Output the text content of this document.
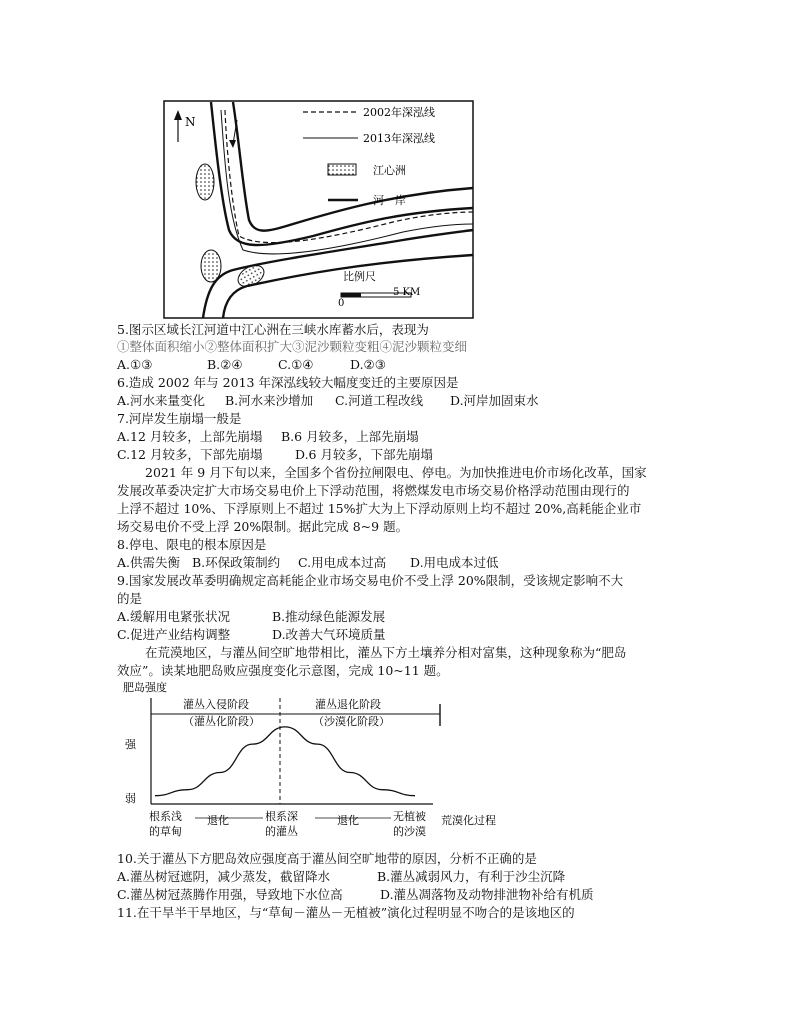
N
2002年深泓线
2013年深泓线
江心洲
河　岸
比例尺
0
5 KM
5.图示区域长江河道中江心洲在三峡水库蓄水后，表现为
①整体面积缩小②整体面积扩大③泥沙颗粒变粗④泥沙颗粒变细
A.①③	B.②④	C.①④	D.②③
6.造成 2002 年与 2013 年深泓线较大幅度变迁的主要原因是
A.河水来量变化 B.河水来沙增加 C.河道工程改线 D.河岸加固束水
7.河岸发生崩塌一般是
A.12 月较多，上部先崩塌 B.6 月较多，上部先崩塌
C.12 月较多，下部先崩塌	D.6 月较多，下部先崩塌
2021 年 9 月下旬以来，全国多个省份拉闸限电、停电。为加快推进电价市场化改革，国家
发展改革委决定扩大市场交易电价上下浮动范围，将燃煤发电市场交易价格浮动范围由现行的
上浮不超过 10%、下浮原则上不超过 15%扩大为上下浮动原则上均不超过 20%,高耗能企业市
场交易电价不受上浮 20%限制。据此完成 8~9 题。
8.停电、限电的根本原因是
A.供需失衡 B.环保政策制约 C.用电成本过高 D.用电成本过低
9.国家发展改革委明确规定高耗能企业市场交易电价不受上浮 20%限制，受该规定影响不大
的是
A.缓解用电紧张状况	B.推动绿色能源发展
C.促进产业结构调整	D.改善大气环境质量
在荒漠地区，与灌丛间空旷地带相比，灌丛下方土壤养分相对富集，这种现象称为“肥岛
效应”。读某地肥岛败应强度变化示意图，完成 10~11 题。
肥岛强度
强
弱
灌丛入侵阶段
（灌丛化阶段）
灌丛退化阶段
（沙漠化阶段）
根系浅
的草甸
退化	根系深
的灌丛
退化	无植被
的沙漠
荒漠化过程
10.关于灌丛下方肥岛效应强度高于灌丛间空旷地带的原因，分析不正确的是
A.灌丛树冠遮阴，减少蒸发，截留降水	B.灌丛减弱风力，有利于沙尘沉降
C.灌丛树冠蒸腾作用强，导致地下水位高	D.灌丛凋落物及动物排泄物补给有机质
11.在干旱半干旱地区，与“草甸－灌丛－无植被”演化过程明显不吻合的是该地区的
